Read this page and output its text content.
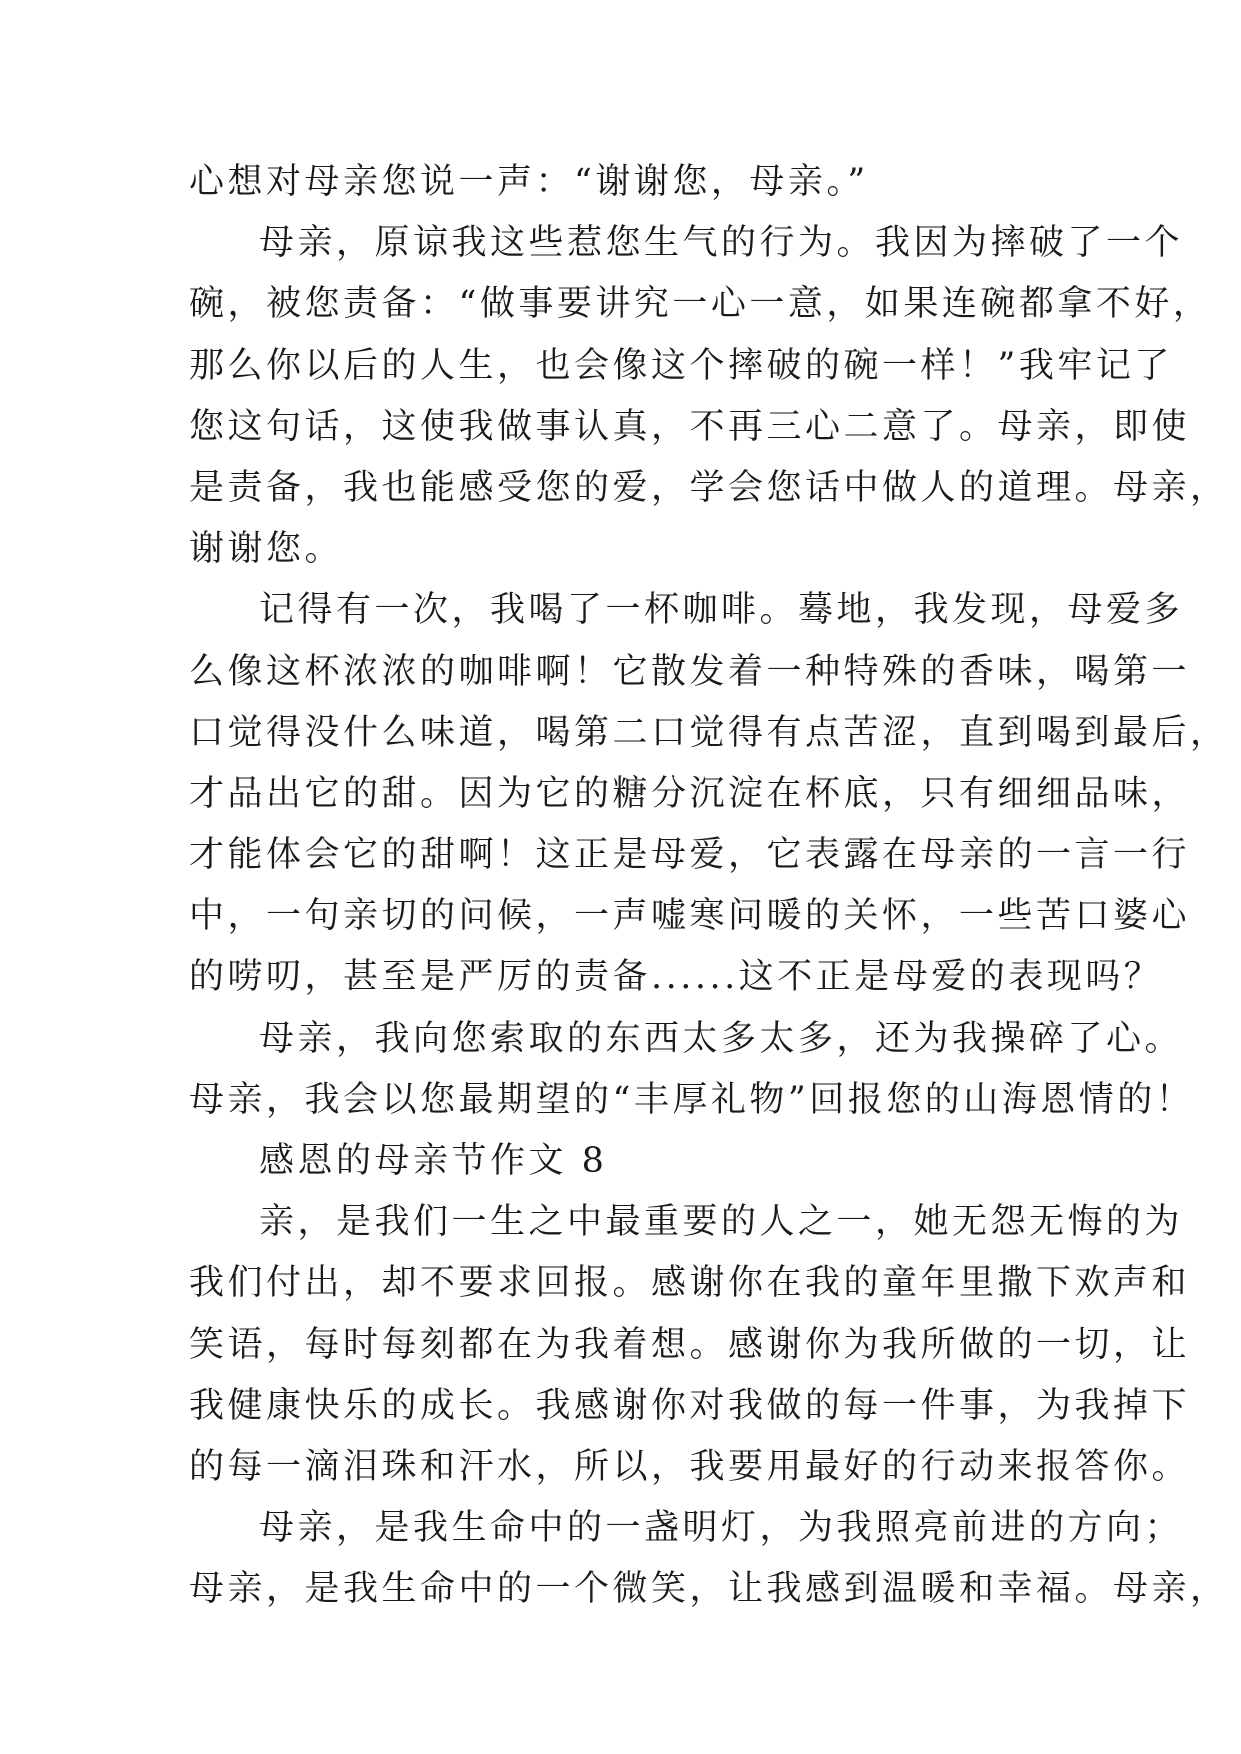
心想对母亲您说一声：“谢谢您，母亲。”
母亲，原谅我这些惹您生气的行为。我因为摔破了一个
碗，被您责备：“做事要讲究一心一意，如果连碗都拿不好，
那么你以后的人生，也会像这个摔破的碗一样！”我牢记了
您这句话，这使我做事认真，不再三心二意了。母亲，即使
是责备，我也能感受您的爱，学会您话中做人的道理。母亲，
谢谢您。
记得有一次，我喝了一杯咖啡。蓦地，我发现，母爱多
么像这杯浓浓的咖啡啊！它散发着一种特殊的香味，喝第一
口觉得没什么味道，喝第二口觉得有点苦涩，直到喝到最后，
才品出它的甜。因为它的糖分沉淀在杯底，只有细细品味，
才能体会它的甜啊！这正是母爱，它表露在母亲的一言一行
中，一句亲切的问候，一声嘘寒问暖的关怀，一些苦口婆心
的唠叨，甚至是严厉的责备......这不正是母爱的表现吗？
母亲，我向您索取的东西太多太多，还为我操碎了心。
母亲，我会以您最期望的“丰厚礼物”回报您的山海恩情的！
感恩的母亲节作文 8
亲，是我们一生之中最重要的人之一，她无怨无悔的为
我们付出，却不要求回报。感谢你在我的童年里撒下欢声和
笑语，每时每刻都在为我着想。感谢你为我所做的一切，让
我健康快乐的成长。我感谢你对我做的每一件事，为我掉下
的每一滴泪珠和汗水，所以，我要用最好的行动来报答你。
母亲，是我生命中的一盏明灯，为我照亮前进的方向；
母亲，是我生命中的一个微笑，让我感到温暖和幸福。母亲，
